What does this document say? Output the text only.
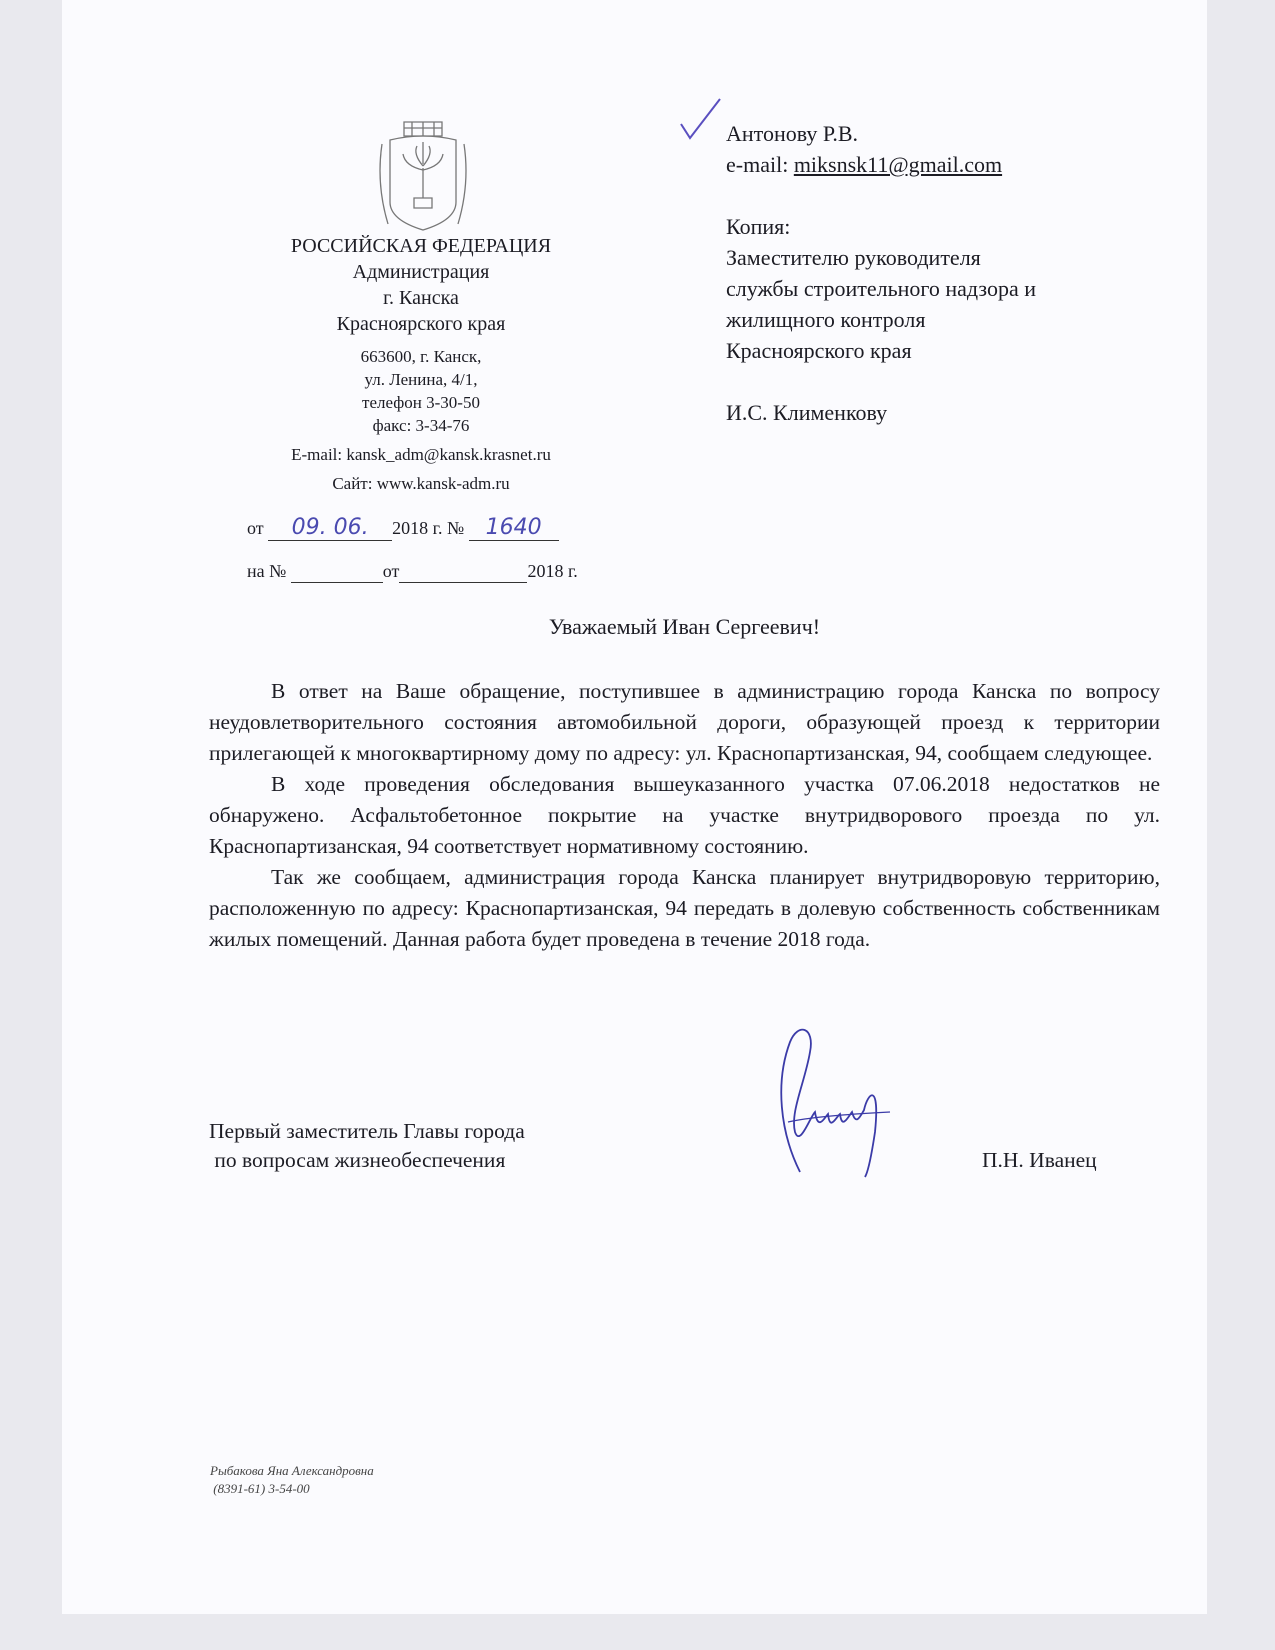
РОССИЙСКАЯ ФЕДЕРАЦИЯ
Администрация
г. Канска
Красноярского края
663600, г. Канск,
ул. Ленина, 4/1,
телефон 3-30-50
факс: 3-34-76
E-mail: kansk_adm@kansk.krasnet.ru
Сайт: www.kansk-adm.ru
от 09. 06. 2018 г. № 1640
на №	от	2018 г.
Антонову Р.В.
e-mail: miksnsk11@gmail.com
Копия:
Заместителю руководителя
службы строительного надзора и
жилищного контроля
Красноярского края
И.С. Клименкову
Уважаемый Иван Сергеевич!

В ответ на Ваше обращение, поступившее в администрацию города Канска по вопросу неудовлетворительного состояния автомобильной дороги, образующей проезд к территории прилегающей к многоквартирному дому по адресу: ул. Краснопартизанская, 94, сообщаем следующее.

В ходе проведения обследования вышеуказанного участка 07.06.2018 недостатков не обнаружено. Асфальтобетонное покрытие на участке внутридворового проезда по ул. Краснопартизанская, 94 соответствует нормативному состоянию.

Так же сообщаем, администрация города Канска планирует внутридворовую территорию, расположенную по адресу: Краснопартизанская, 94 передать в долевую собственность собственникам жилых помещений. Данная работа будет проведена в течение 2018 года.

Первый заместитель Главы города
по вопросам жизнеобеспечения	П.Н. Иванец
Рыбакова Яна Александровна
(8391-61) 3-54-00
